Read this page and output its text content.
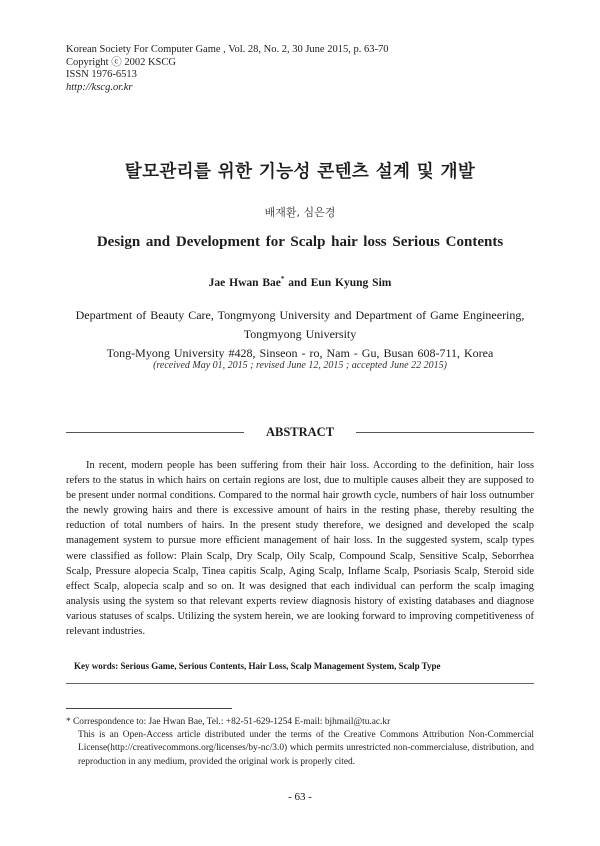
Korean Society For Computer Game , Vol. 28, No. 2, 30 June 2015, p. 63-70
Copyright ⓒ 2002 KSCG
ISSN 1976-6513
http://kscg.or.kr
탈모관리를 위한 기능성 콘텐츠 설계 및 개발
배재환, 심은경
Design and Development for Scalp hair loss Serious Contents
Jae Hwan Bae* and Eun Kyung Sim
Department of Beauty Care, Tongmyong University and Department of Game Engineering,
Tongmyong University
Tong-Myong University #428, Sinseon - ro, Nam - Gu, Busan 608-711, Korea
(received May 01, 2015 ; revised June 12, 2015 ; accepted June 22 2015)
ABSTRACT

In recent, modern people has been suffering from their hair loss. According to the definition, hair loss refers to the status in which hairs on certain regions are lost, due to multiple causes albeit they are supposed to be present under normal conditions. Compared to the normal hair growth cycle, numbers of hair loss outnumber the newly growing hairs and there is excessive amount of hairs in the resting phase, thereby resulting the reduction of total numbers of hairs. In the present study therefore, we designed and developed the scalp management system to pursue more efficient management of hair loss. In the suggested system, scalp types were classified as follow: Plain Scalp, Dry Scalp, Oily Scalp, Compound Scalp, Sensitive Scalp, Seborrhea Scalp, Pressure alopecia Scalp, Tinea capitis Scalp, Aging Scalp, Inflame Scalp, Psoriasis Scalp, Steroid side effect Scalp, alopecia scalp and so on. It was designed that each individual can perform the scalp imaging analysis using the system so that relevant experts review diagnosis history of existing databases and diagnose various statuses of scalps. Utilizing the system herein, we are looking forward to improving competitiveness of relevant industries.

Key words: Serious Game, Serious Contents, Hair Loss, Scalp Management System, Scalp Type
* Correspondence to: Jae Hwan Bae, Tel.: +82-51-629-1254 E-mail: bjhmail@tu.ac.kr

This is an Open-Access article distributed under the terms of the Creative Commons Attribution Non-Commercial License(http://creativecommons.org/licenses/by-nc/3.0) which permits unrestricted non-commercialuse, distribution, and reproduction in any medium, provided the original work is properly cited.

- 63 -
